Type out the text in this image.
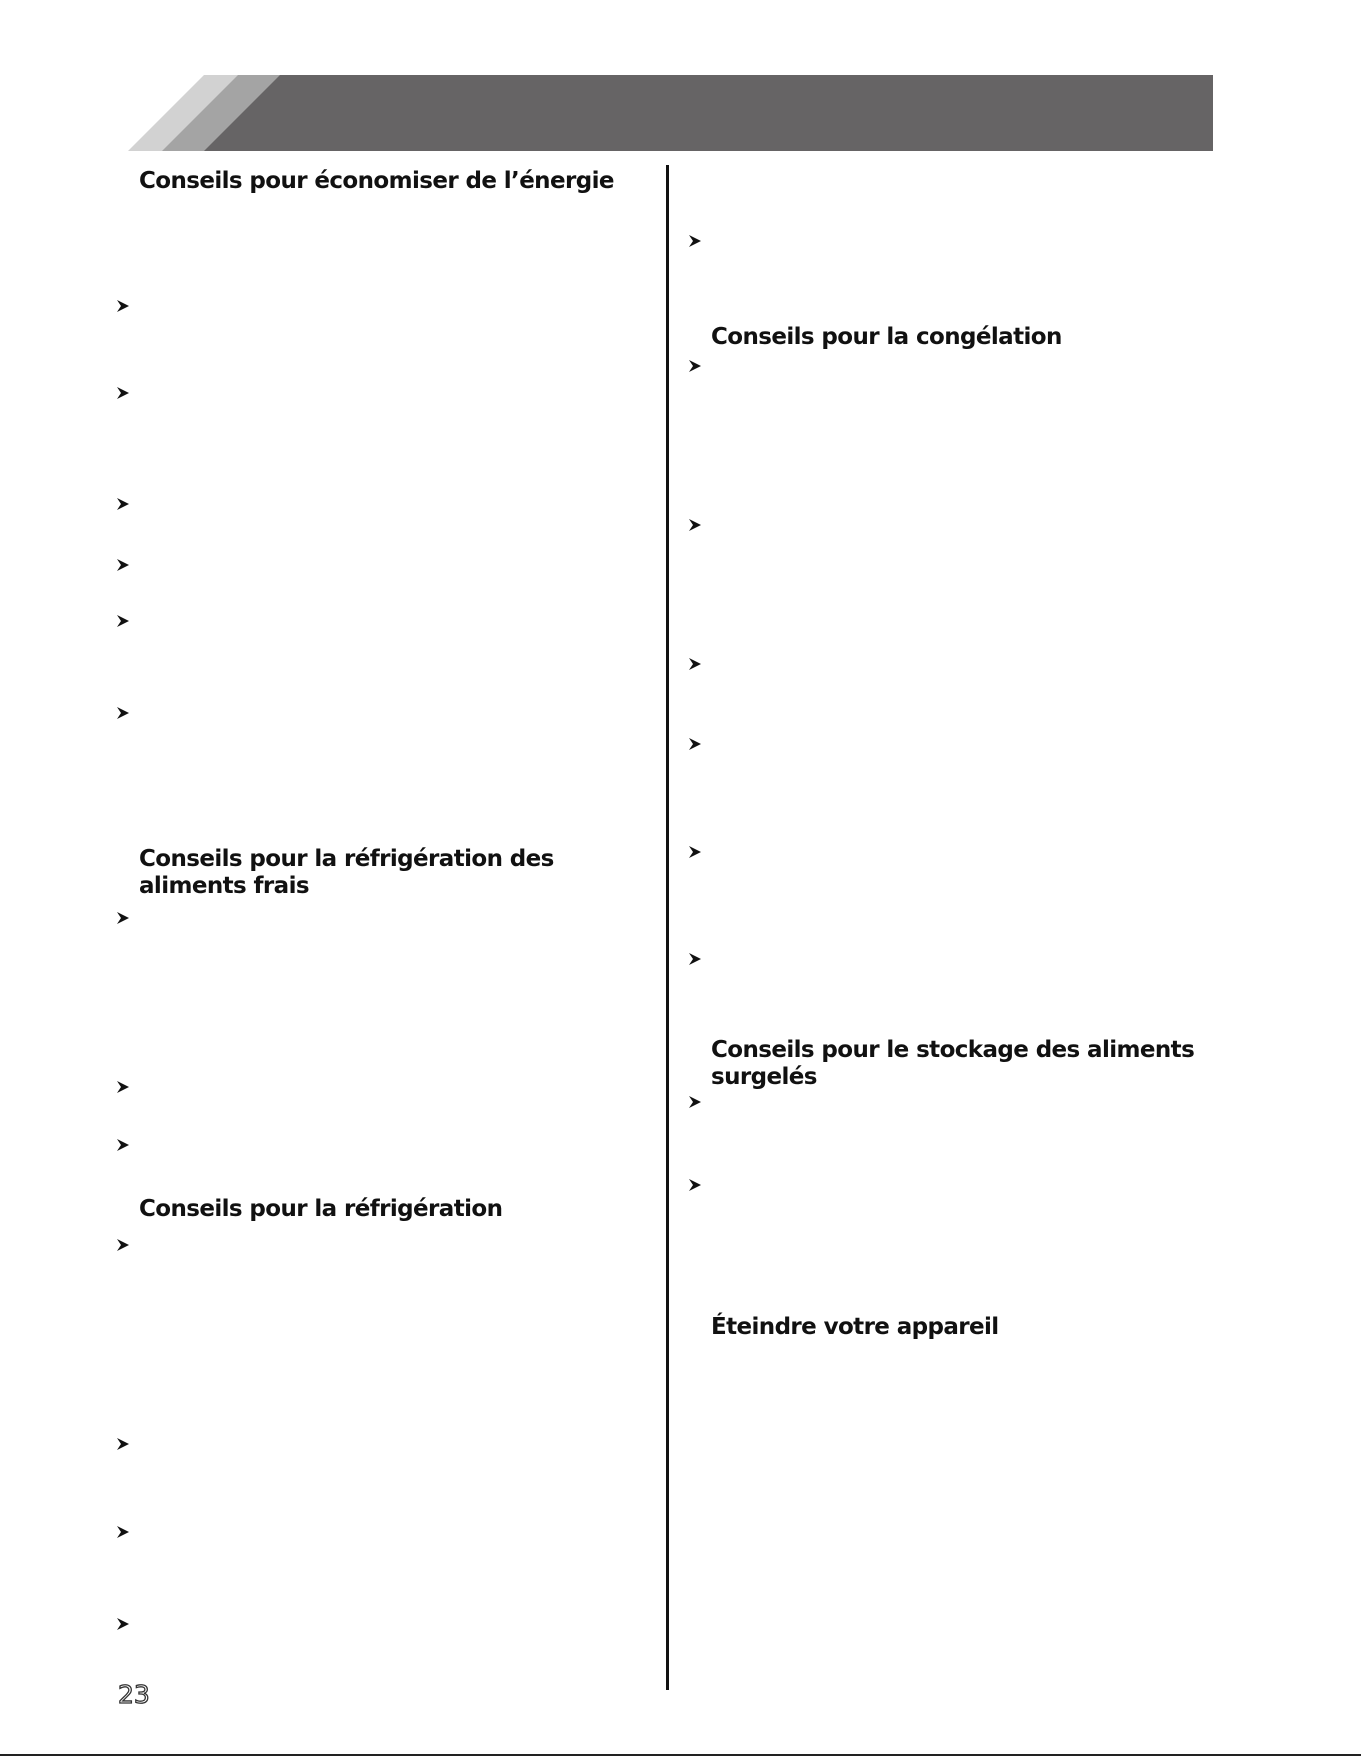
Conseils pour économiser de l’énergie
Conseils pour la réfrigération des
aliments frais
Conseils pour la réfrigération
Conseils pour la congélation
Conseils pour le stockage des aliments
surgelés
Éteindre votre appareil
23
